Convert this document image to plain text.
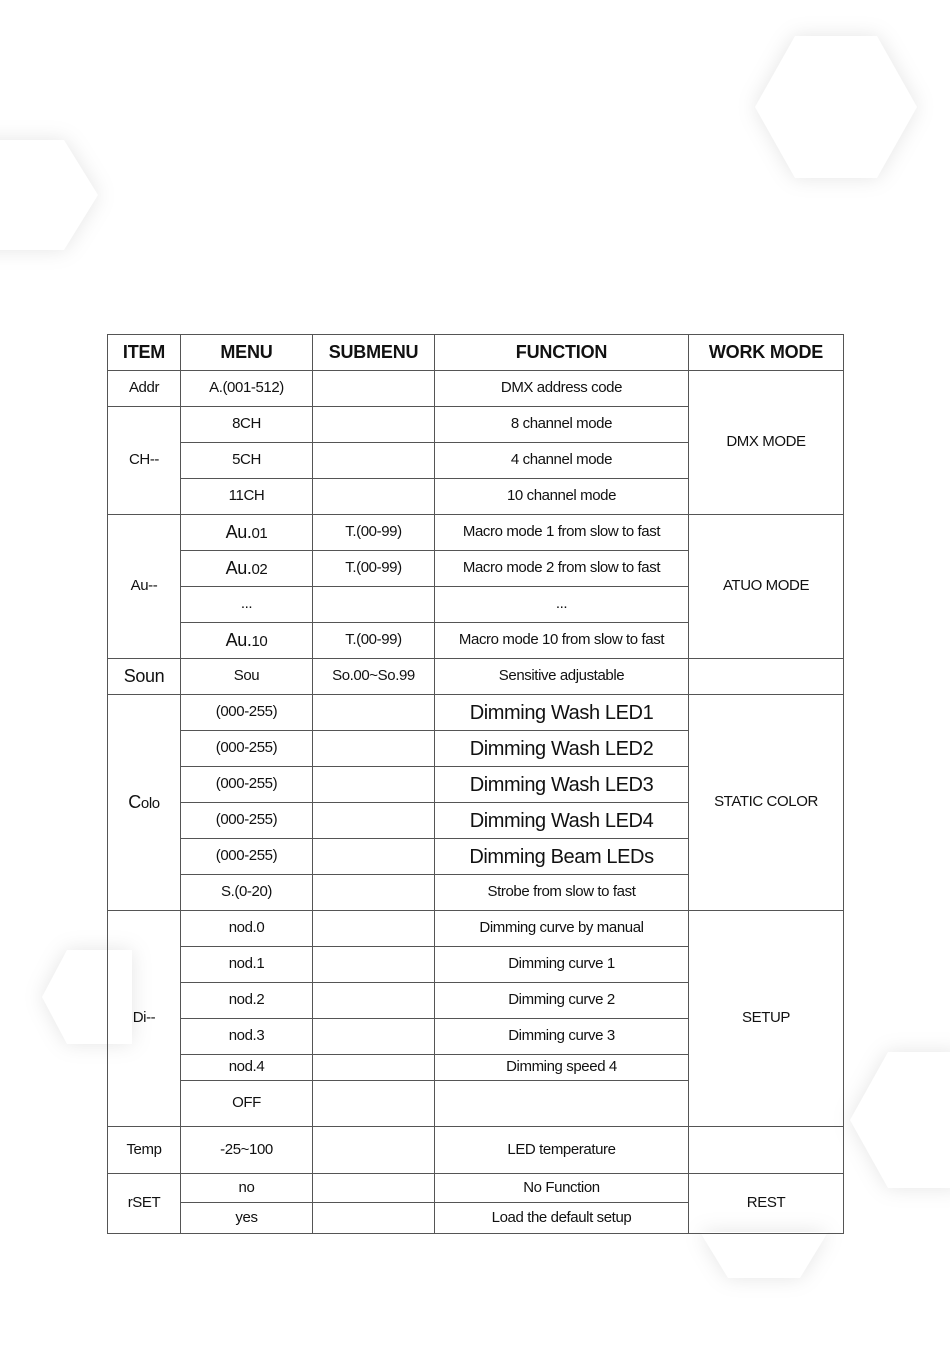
ITEM	MENU	SUBMENU	FUNCTION	WORK MODE
Addr	A.(001-512)		DMX address code	DMX MODE
CH--	8CH		8 channel mode	
	5CH		4 channel mode	
	11CH		10 channel mode	
Au--	Au.01	T.(00-99)	Macro mode 1 from slow to fast	ATUO MODE
	Au.02	T.(00-99)	Macro mode 2 from slow to fast	
	...		...	
	Au.10	T.(00-99)	Macro mode 10 from slow to fast	
Soun	Sou	So.00~So.99	Sensitive adjustable	
Colo	(000-255)		Dimming Wash LED1	STATIC COLOR
	(000-255)		Dimming Wash LED2	
	(000-255)		Dimming Wash LED3	
	(000-255)		Dimming Wash LED4	
	(000-255)		Dimming Beam LEDs	
	S.(0-20)		Strobe from slow to fast	
Di--	nod.0		Dimming curve by manual	SETUP
	nod.1		Dimming curve 1	
	nod.2		Dimming curve 2	
	nod.3		Dimming curve 3	
	nod.4		Dimming speed 4	
	OFF			
Temp	-25~100		LED temperature	
rSET	no		No Function	REST
	yes		Load the default setup	
